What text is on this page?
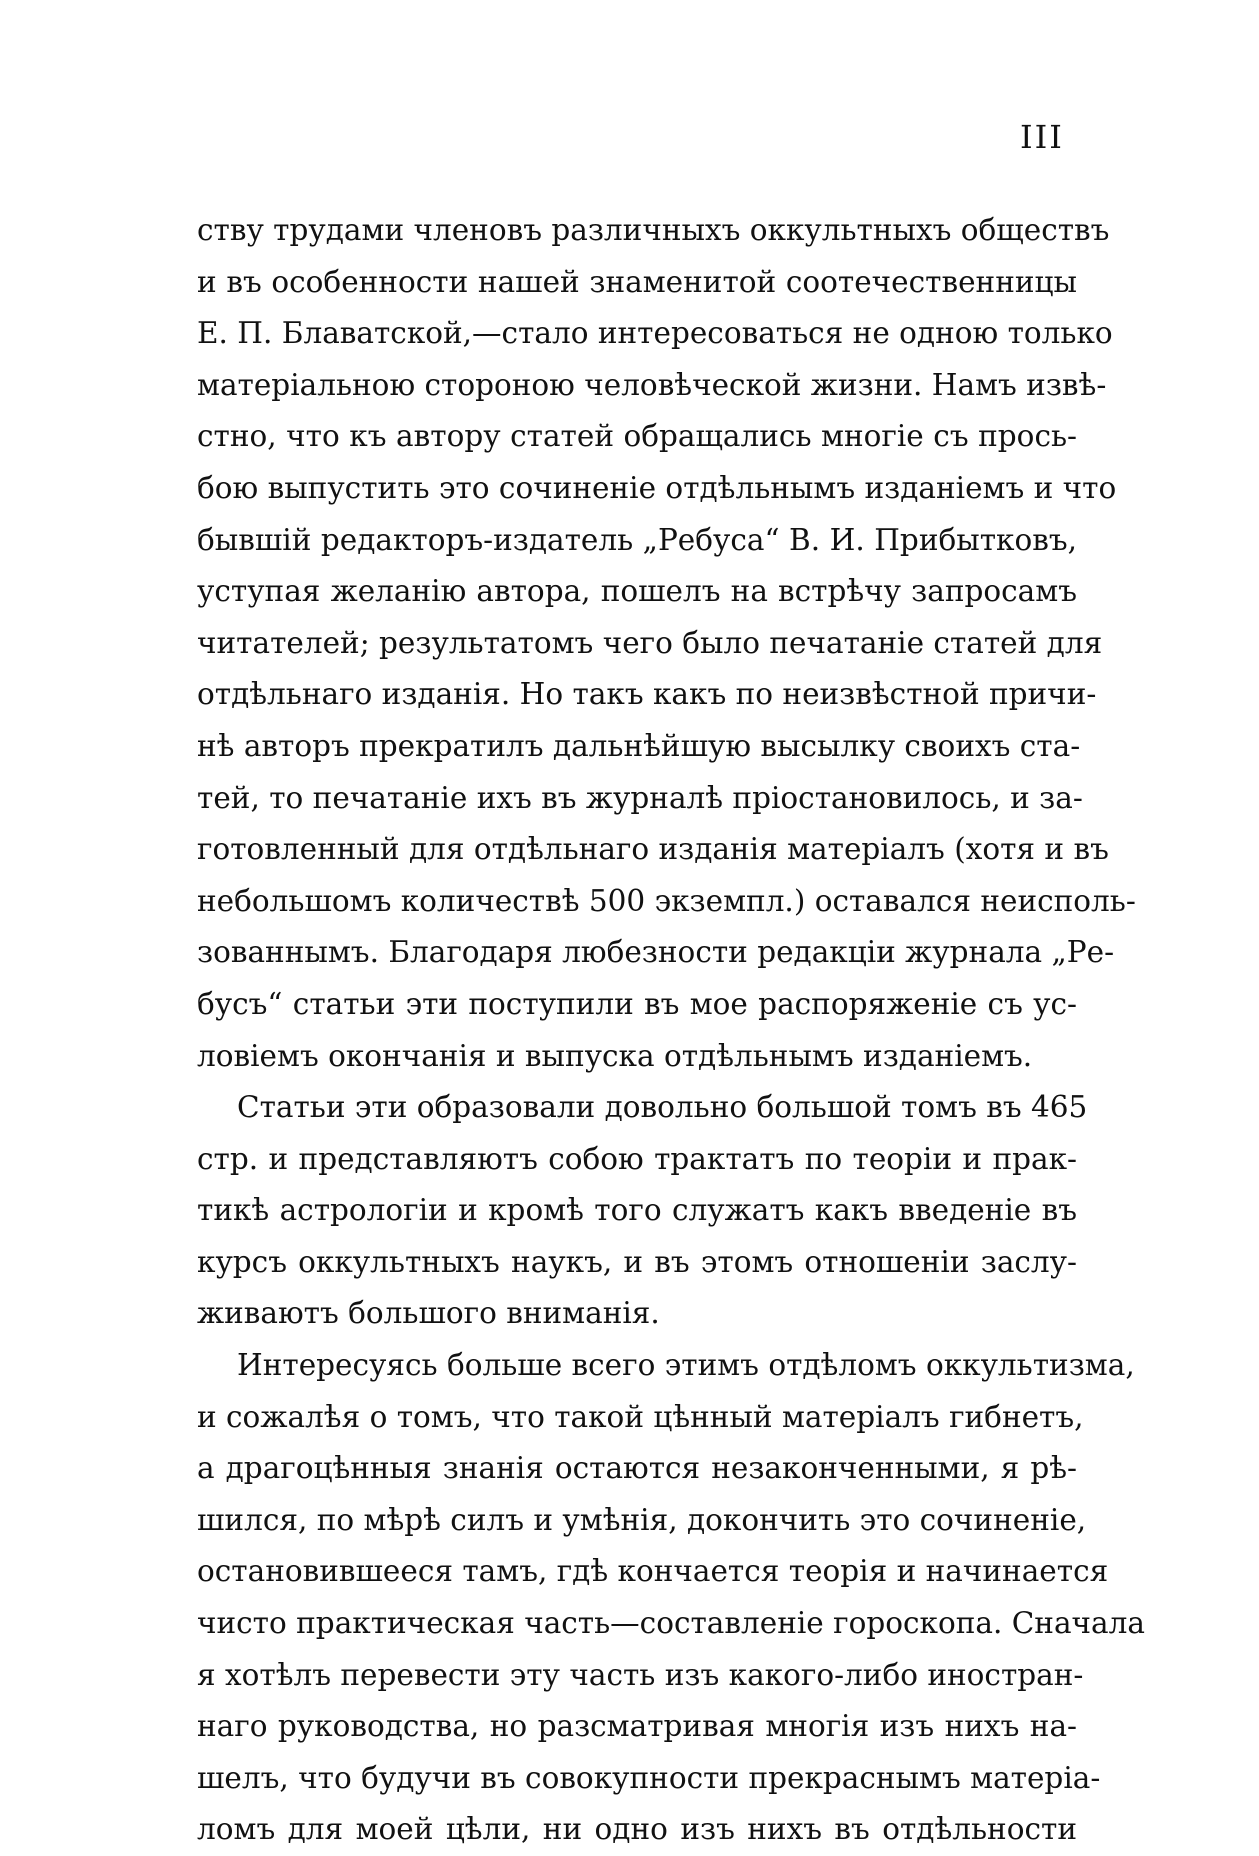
III
ству трудами членовъ различныхъ оккультныхъ обществъ
и въ особенности нашей знаменитой соотечественницы
Е. П. Блаватской,—стало интересоваться не одною только
матерiальною стороною человѣческой жизни. Намъ извѣ-
стно, что къ автору статей обращались многiе съ прось-
бою выпустить это сочиненiе отдѣльнымъ изданiемъ и что
бывшiй редакторъ-издатель „Ребуса“ В. И. Прибытковъ,
уступая желанiю автора, пошелъ на встрѣчу запросамъ
читателей; результатомъ чего было печатанiе статей для
отдѣльнаго изданiя. Но такъ какъ по неизвѣстной причи-
нѣ авторъ прекратилъ дальнѣйшую высылку своихъ ста-
тей, то печатанiе ихъ въ журналѣ прiостановилось, и за-
готовленный для отдѣльнаго изданiя матерiалъ (хотя и въ
небольшомъ количествѣ 500 экземпл.) оставался неисполь-
зованнымъ. Благодаря любезности редакцiи журнала „Ре-
бусъ“ статьи эти поступили въ мое распоряженiе съ ус-
ловiемъ окончанiя и выпуска отдѣльнымъ изданiемъ.
Статьи эти образовали довольно большой томъ въ 465
стр. и представляютъ собою трактатъ по теорiи и прак-
тикѣ астрологiи и кромѣ того служатъ какъ введенiе въ
курсъ оккультныхъ наукъ, и въ этомъ отношенiи заслу-
живаютъ большого вниманiя.
Интересуясь больше всего этимъ отдѣломъ оккультизма,
и сожалѣя о томъ, что такой цѣнный матерiалъ гибнетъ,
а драгоцѣнныя знанiя остаются незаконченными, я рѣ-
шился, по мѣрѣ силъ и умѣнiя, докончить это сочиненiе,
остановившееся тамъ, гдѣ кончается теорiя и начинается
чисто практическая часть—составленiе гороскопа. Сначала
я хотѣлъ перевести эту часть изъ какого-либо иностран-
наго руководства, но разсматривая многiя изъ нихъ на-
шелъ, что будучи въ совокупности прекраснымъ матерiа-
ломъ для моей цѣли, ни одно изъ нихъ въ отдѣльности
